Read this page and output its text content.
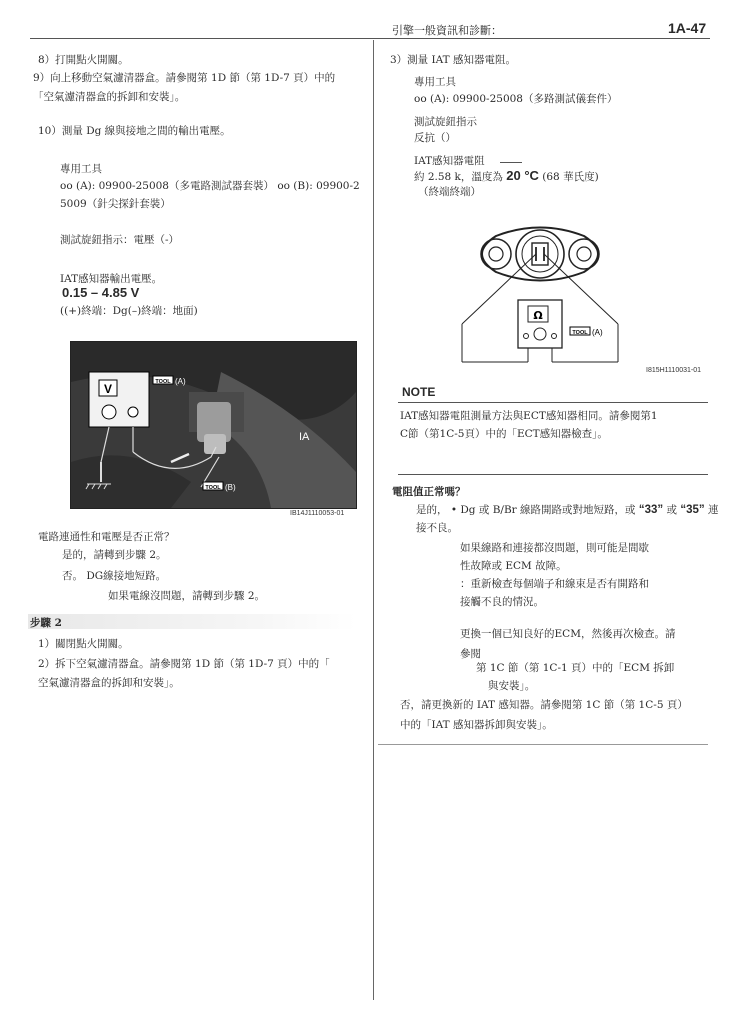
引擎一般資訊和診斷：	1A-47
8）打開點火開關。
9）向上移動空氣濾清器盒。請參閱第 1D 節（第 1D-7 頁）中的
「空氣濾清器盒的拆卸和安裝」。
10）測量 Dg 線與接地之間的輸出電壓。
專用工具
oo (A): 09900-25008（多電路測試器套裝） oo (B): 09900-2
5009（針尖探針套裝）
測試旋鈕指示：電壓（-）
IAT感知器輸出電壓。
0.15 – 4.85 V
((+)終端：Dg(–)終端：地面)
V	TOOL (A)
TOOL (B)
IA
IB14J1110053-01
電路連通性和電壓是否正常？
是的，請轉到步驟 2。
否。 DG線接地短路。
如果電線沒問題，請轉到步驟 2。
步驟 2
1）關閉點火開關。
2）拆下空氣濾清器盒。請參閱第 1D 節（第 1D-7 頁）中的「
空氣濾清器盒的拆卸和安裝」。
3）測量 IAT 感知器電阻。
專用工具
oo (A): 09900-25008（多路測試儀套件）
測試旋鈕指示
反抗（）
IAT感知器電阻
約 2.58 k，溫度為 20 °C (68 華氏度)
（終端終端）
Ω
TOOL (A)
I815H1110031-01
NOTE
IAT感知器電阻測量方法與ECT感知器相同。請參閱第1
C節（第1C-5頁）中的「ECT感知器檢查」。
電阻值正常嗎？
是的， • Dg 或 B/Br 線路開路或對地短路，或 “33” 或 “35” 連
接不良。
如果線路和連接都沒問題，則可能是間歇
性故障或 ECM 故障。
：重新檢查每個端子和線束是否有開路和
接觸不良的情況。
更換一個已知良好的ECM，然後再次檢查。請
參閱
第 1C 節（第 1C-1 頁）中的「ECM 拆卸
與安裝」。
否，請更換新的 IAT 感知器。請參閱第 1C 節（第 1C-5 頁）
中的「IAT 感知器拆卸與安裝」。
